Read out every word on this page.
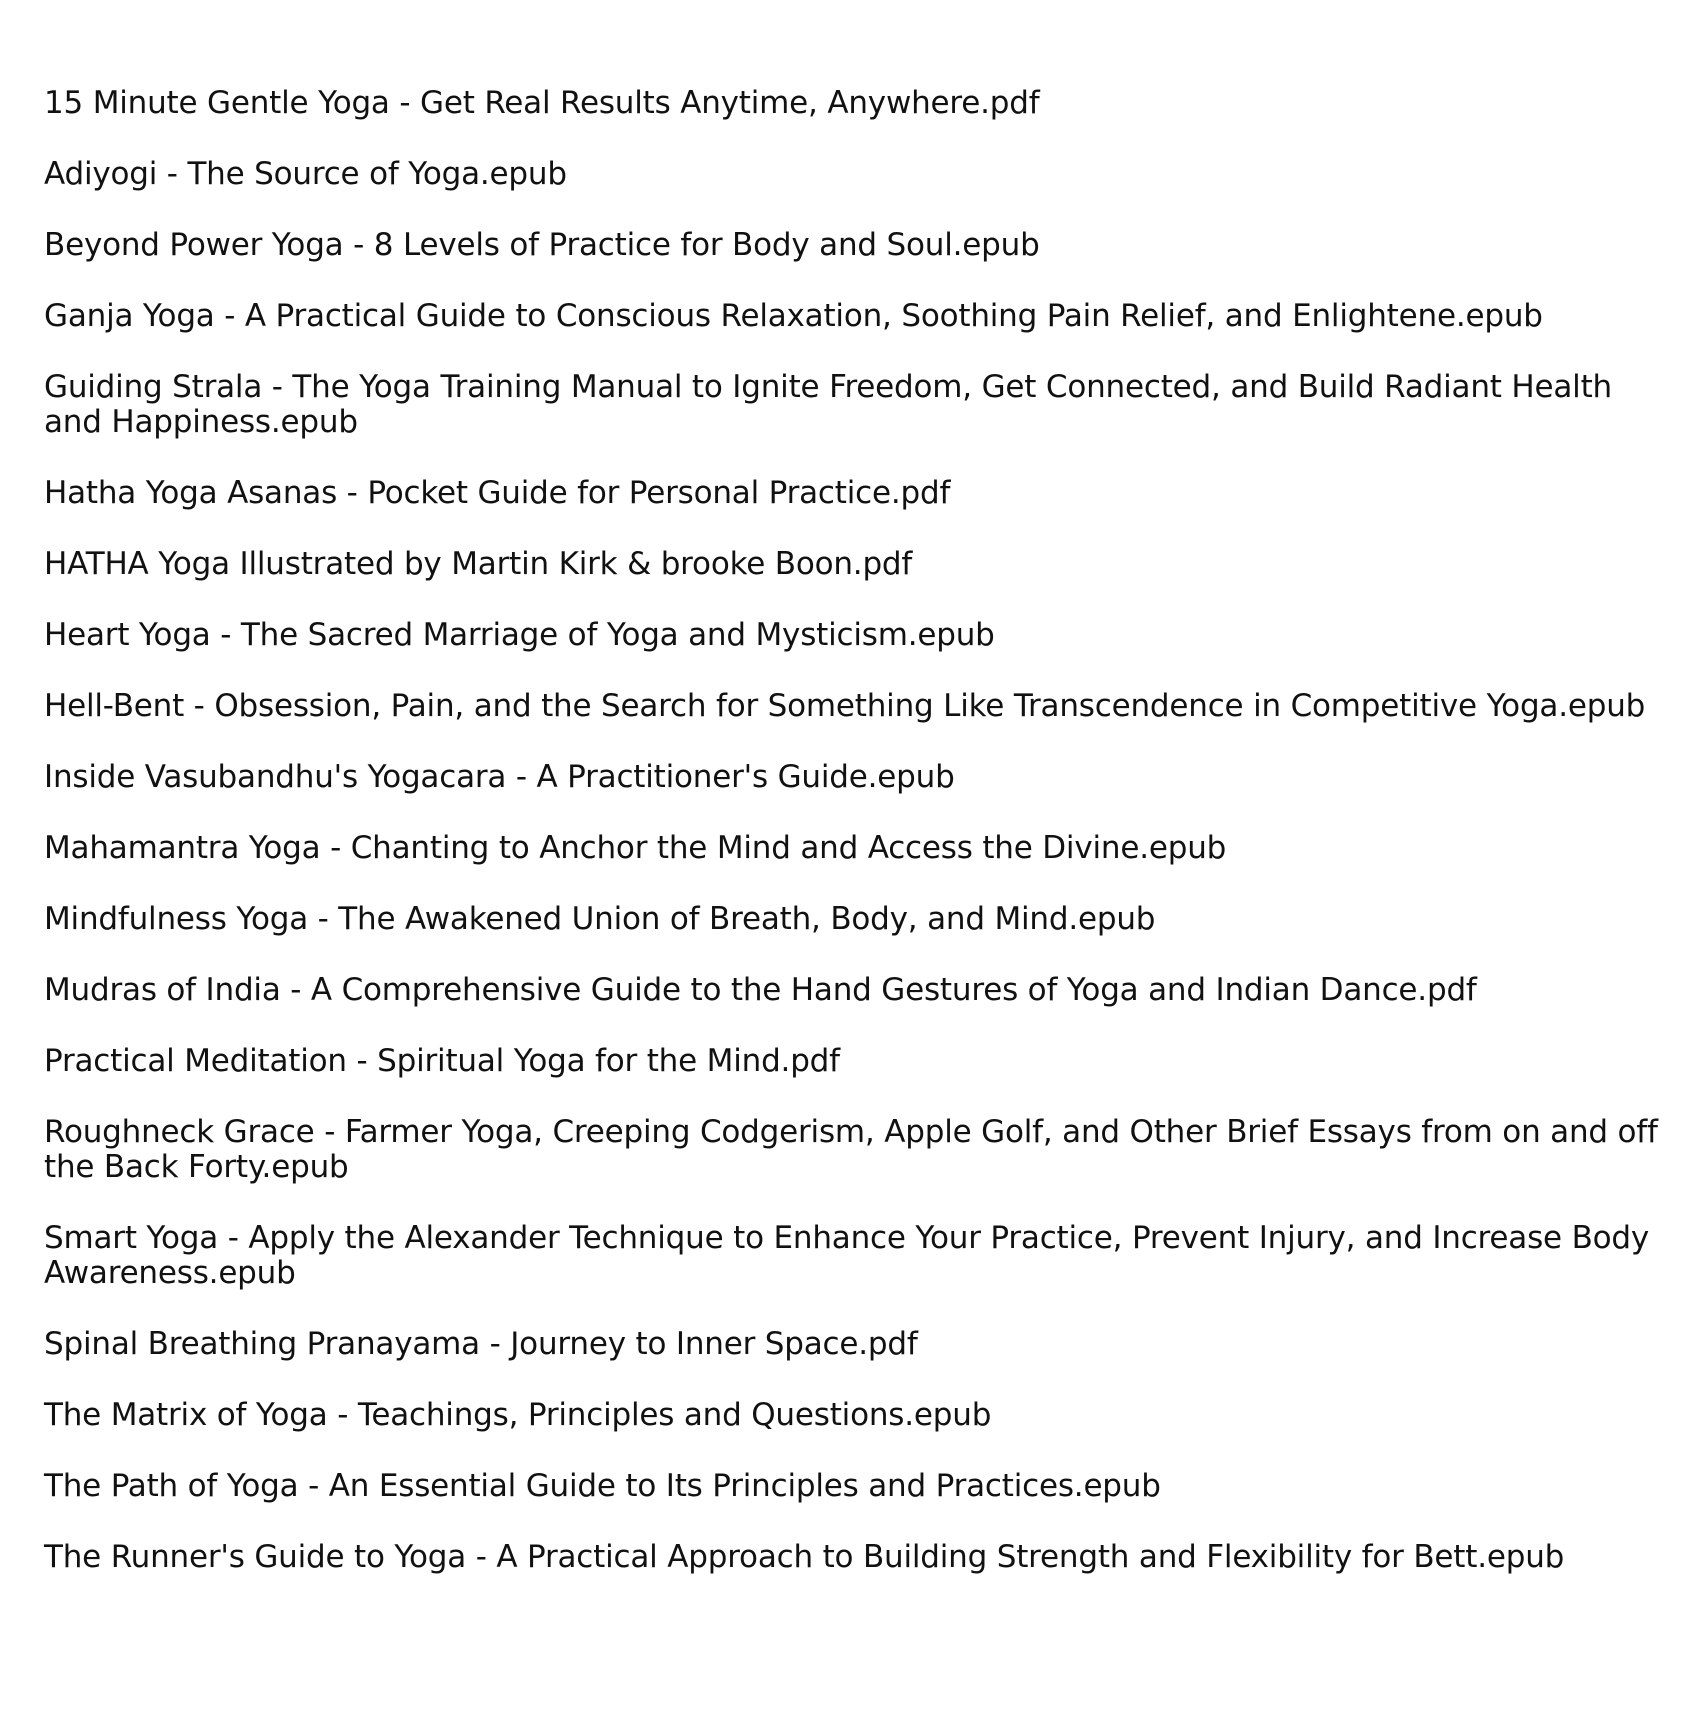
15 Minute Gentle Yoga - Get Real Results Anytime, Anywhere.pdf
Adiyogi - The Source of Yoga.epub
Beyond Power Yoga - 8 Levels of Practice for Body and Soul.epub
Ganja Yoga - A Practical Guide to Conscious Relaxation, Soothing Pain Relief, and Enlightene.epub
Guiding Strala - The Yoga Training Manual to Ignite Freedom, Get Connected, and Build Radiant Health and Happiness.epub
Hatha Yoga Asanas - Pocket Guide for Personal Practice.pdf
HATHA Yoga Illustrated by Martin Kirk & brooke Boon.pdf
Heart Yoga - The Sacred Marriage of Yoga and Mysticism.epub
Hell-Bent - Obsession, Pain, and the Search for Something Like Transcendence in Competitive Yoga.epub
Inside Vasubandhu's Yogacara - A Practitioner's Guide.epub
Mahamantra Yoga - Chanting to Anchor the Mind and Access the Divine.epub
Mindfulness Yoga - The Awakened Union of Breath, Body, and Mind.epub
Mudras of India - A Comprehensive Guide to the Hand Gestures of Yoga and Indian Dance.pdf
Practical Meditation - Spiritual Yoga for the Mind.pdf
Roughneck Grace - Farmer Yoga, Creeping Codgerism, Apple Golf, and Other Brief Essays from on and off the Back Forty.epub
Smart Yoga - Apply the Alexander Technique to Enhance Your Practice, Prevent Injury, and Increase Body Awareness.epub
Spinal Breathing Pranayama - Journey to Inner Space.pdf
The Matrix of Yoga - Teachings, Principles and Questions.epub
The Path of Yoga - An Essential Guide to Its Principles and Practices.epub
The Runner's Guide to Yoga - A Practical Approach to Building Strength and Flexibility for Bett.epub
